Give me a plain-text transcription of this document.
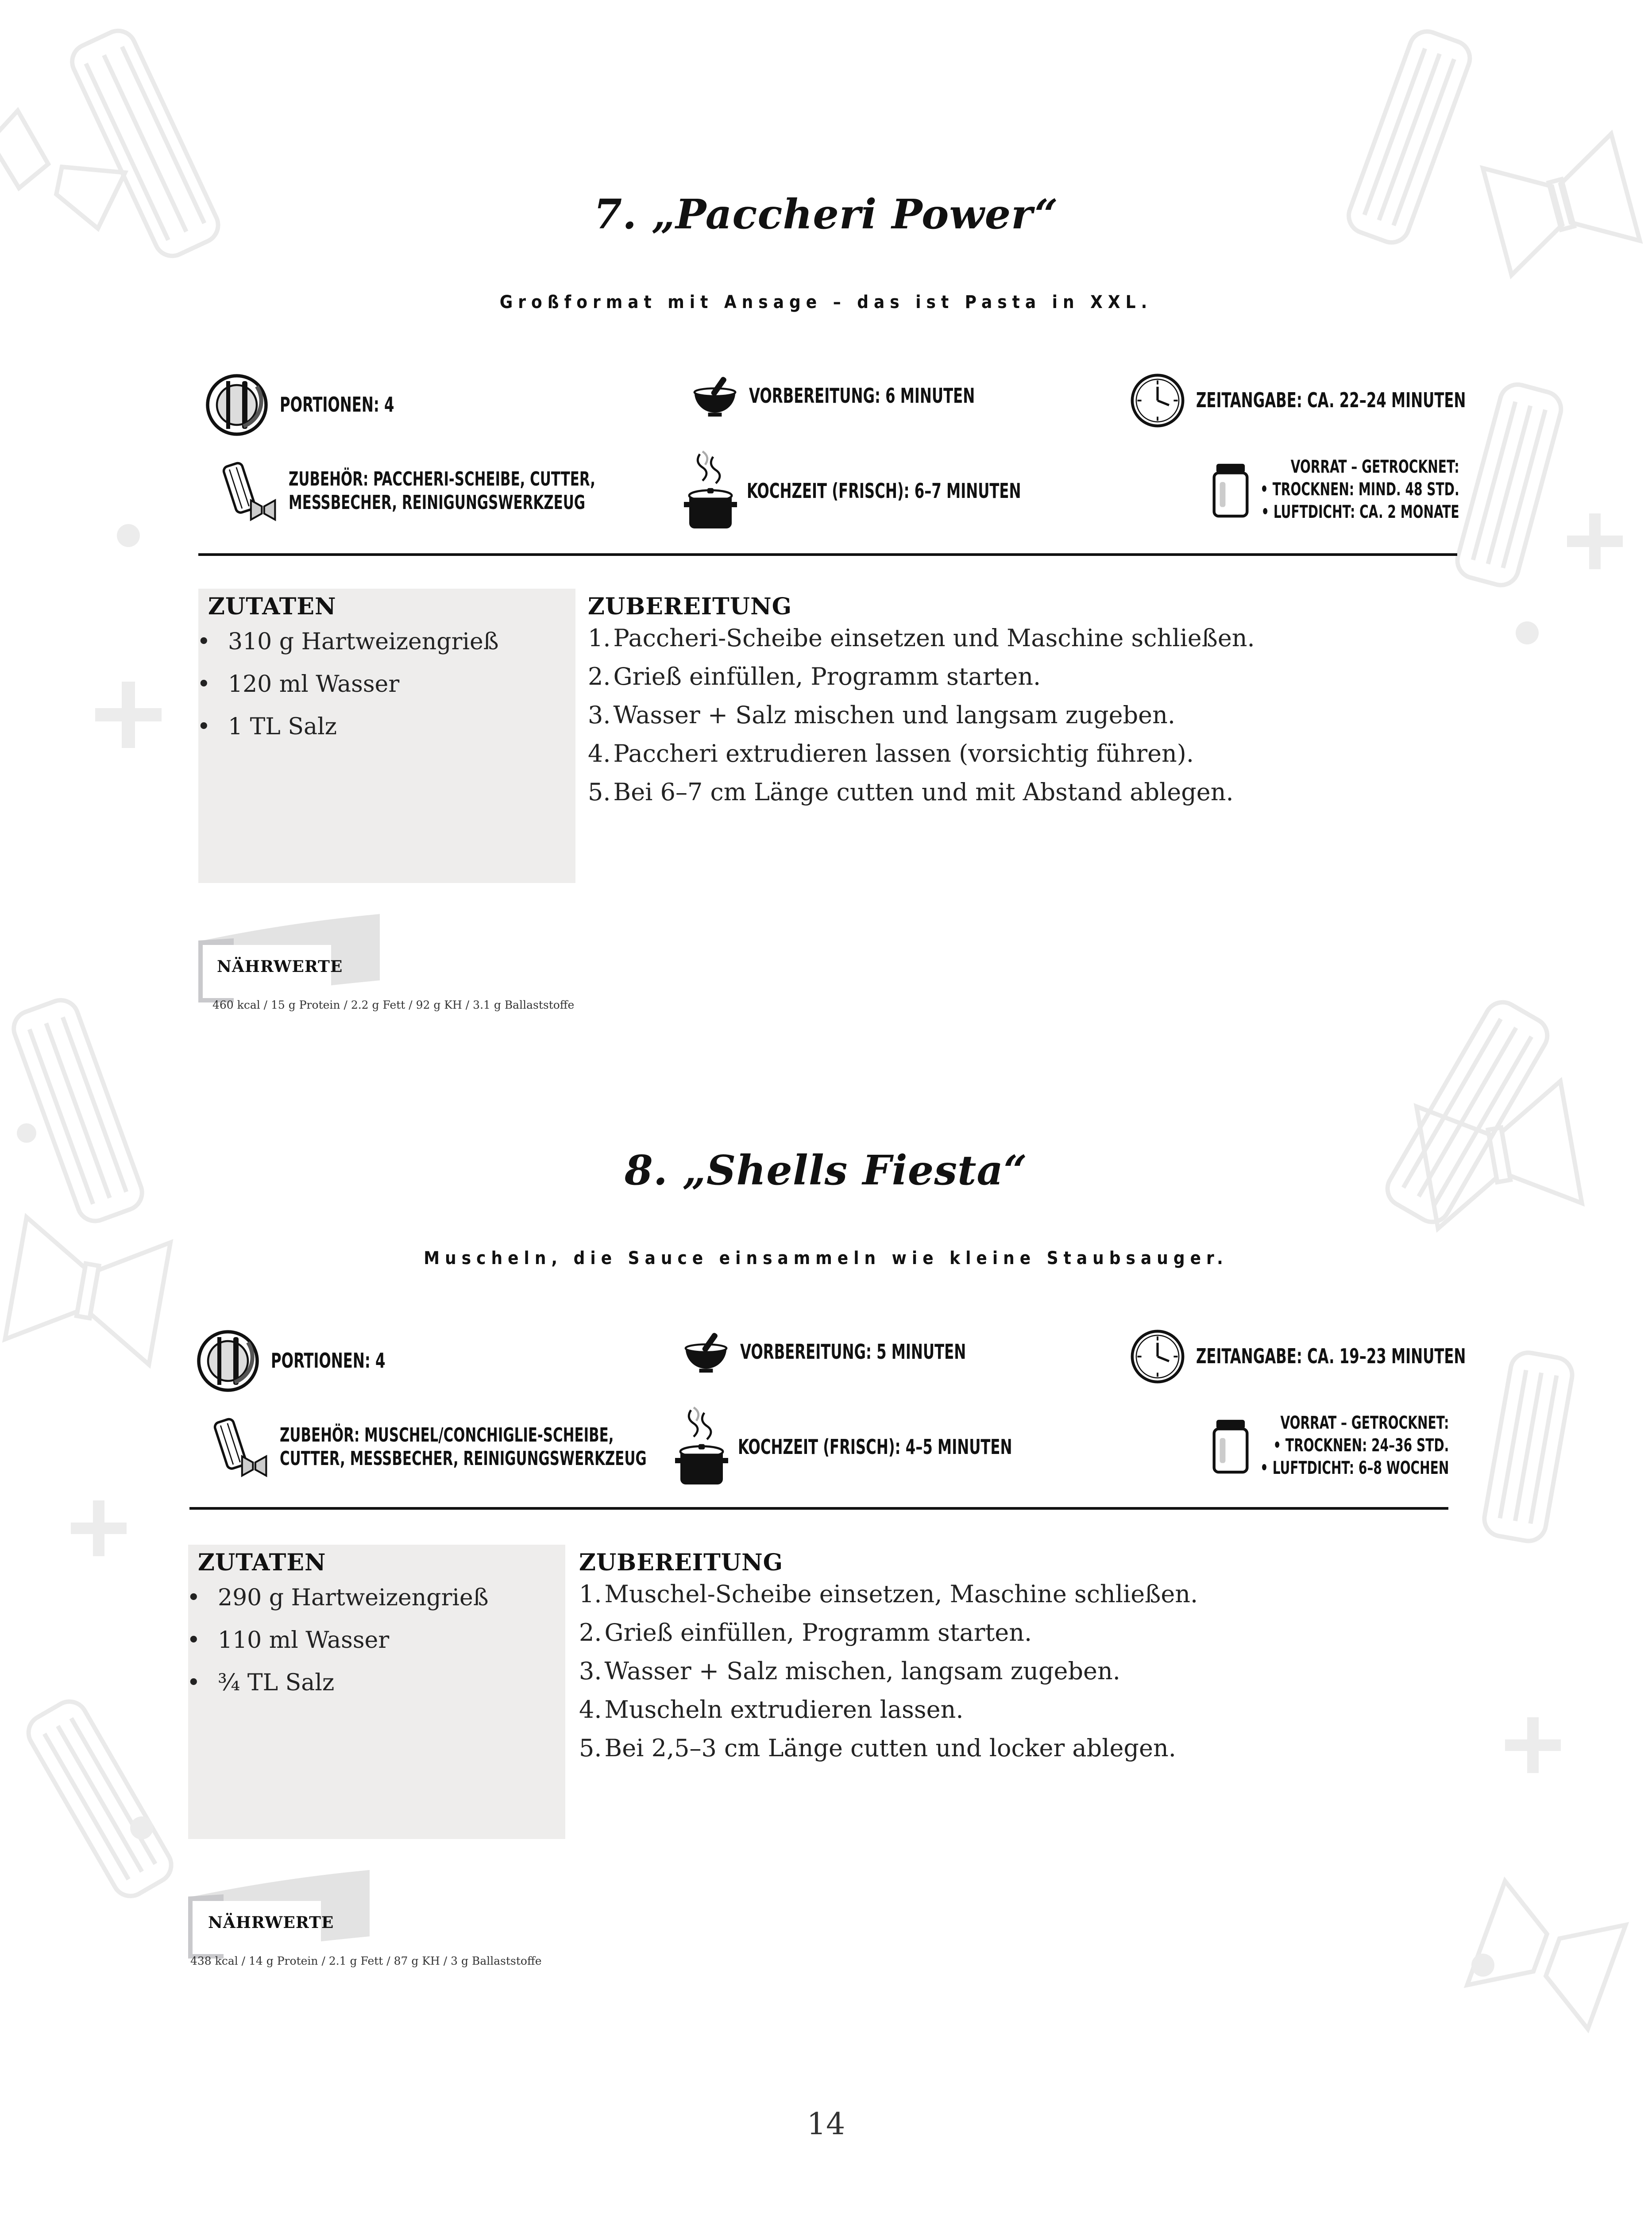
7. „Paccheri Power“
Großformat mit Ansage – das ist Pasta in XXL.
PORTIONEN: 4	VORBEREITUNG: 6 MINUTEN	ZEITANGABE: CA. 22–24 MINUTEN
ZUBEHÖR: PACCHERI-SCHEIBE, CUTTER,
MESSBECHER, REINIGUNGSWERKZEUG	KOCHZEIT (FRISCH): 6–7 MINUTEN
VORRAT – GETROCKNET:
• TROCKNEN: MIND. 48 STD.
• LUFTDICHT: CA. 2 MONATE
ZUTATEN
• 310 g Hartweizengrieß
• 120 ml Wasser
• 1 TL Salz
ZUBEREITUNG
1. Paccheri-Scheibe einsetzen und Maschine schließen.
2. Grieß einfüllen, Programm starten.
3. Wasser + Salz mischen und langsam zugeben.
4. Paccheri extrudieren lassen (vorsichtig führen).
5. Bei 6–7 cm Länge cutten und mit Abstand ablegen.
NÄHRWERTE
460 kcal / 15 g Protein / 2.2 g Fett / 92 g KH / 3.1 g Ballaststoffe
8. „Shells Fiesta“
Muscheln, die Sauce einsammeln wie kleine Staubsauger.
PORTIONEN: 4	VORBEREITUNG: 5 MINUTEN	ZEITANGABE: CA. 19–23 MINUTEN
ZUBEHÖR: MUSCHEL/CONCHIGLIE-SCHEIBE,
CUTTER, MESSBECHER, REINIGUNGSWERKZEUG	KOCHZEIT (FRISCH): 4–5 MINUTEN
VORRAT – GETROCKNET:
• TROCKNEN: 24–36 STD.
• LUFTDICHT: 6–8 WOCHEN
ZUTATEN
• 290 g Hartweizengrieß
• 110 ml Wasser
• ¾ TL Salz
ZUBEREITUNG
1. Muschel-Scheibe einsetzen, Maschine schließen.
2. Grieß einfüllen, Programm starten.
3. Wasser + Salz mischen, langsam zugeben.
4. Muscheln extrudieren lassen.
5. Bei 2,5–3 cm Länge cutten und locker ablegen.
NÄHRWERTE
438 kcal / 14 g Protein / 2.1 g Fett / 87 g KH / 3 g Ballaststoffe
14
